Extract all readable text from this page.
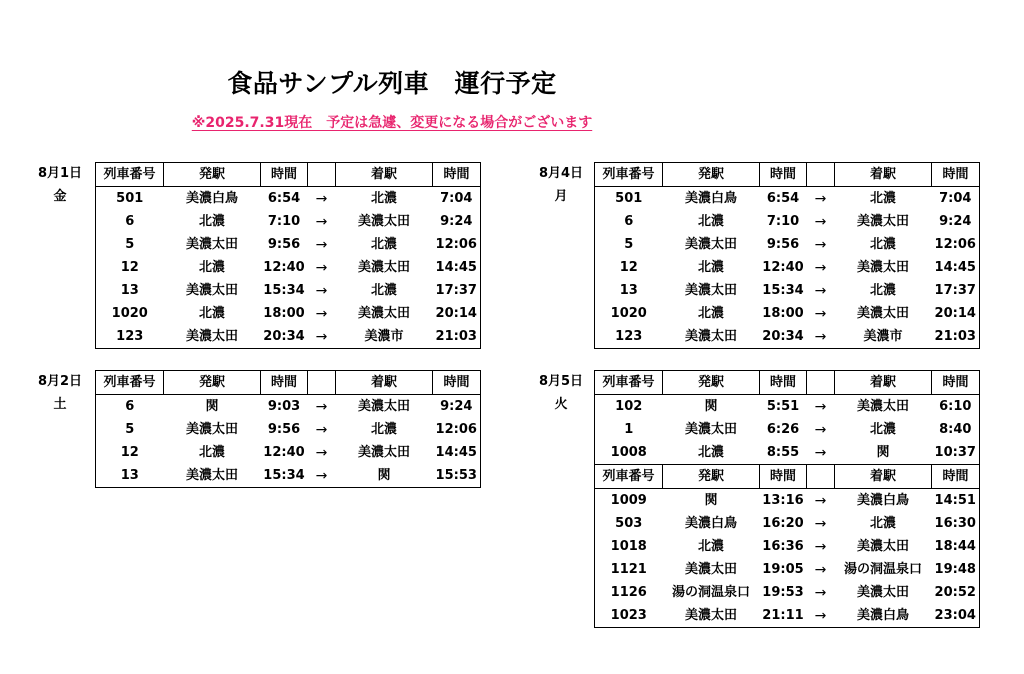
食品サンプル列車　運行予定
※2025.7.31現在　予定は急遽、変更になる場合がございます
8月1日
金
列車番号	発駅	時間		着駅	時間
501	美濃白鳥	6:54	→	北濃	7:04
6	北濃	7:10	→	美濃太田	9:24
5	美濃太田	9:56	→	北濃	12:06
12	北濃	12:40	→	美濃太田	14:45
13	美濃太田	15:34	→	北濃	17:37
1020	北濃	18:00	→	美濃太田	20:14
123	美濃太田	20:34	→	美濃市	21:03
8月4日
月
列車番号	発駅	時間		着駅	時間
501	美濃白鳥	6:54	→	北濃	7:04
6	北濃	7:10	→	美濃太田	9:24
5	美濃太田	9:56	→	北濃	12:06
12	北濃	12:40	→	美濃太田	14:45
13	美濃太田	15:34	→	北濃	17:37
1020	北濃	18:00	→	美濃太田	20:14
123	美濃太田	20:34	→	美濃市	21:03
8月2日
土
列車番号	発駅	時間		着駅	時間
6	関	9:03	→	美濃太田	9:24
5	美濃太田	9:56	→	北濃	12:06
12	北濃	12:40	→	美濃太田	14:45
13	美濃太田	15:34	→	関	15:53
8月5日
火
列車番号	発駅	時間		着駅	時間
102	関	5:51	→	美濃太田	6:10
1	美濃太田	6:26	→	北濃	8:40
1008	北濃	8:55	→	関	10:37
列車番号	発駅	時間		着駅	時間
1009	関	13:16	→	美濃白鳥	14:51
503	美濃白鳥	16:20	→	北濃	16:30
1018	北濃	16:36	→	美濃太田	18:44
1121	美濃太田	19:05	→	湯の洞温泉口	19:48
1126	湯の洞温泉口	19:53	→	美濃太田	20:52
1023	美濃太田	21:11	→	美濃白鳥	23:04
